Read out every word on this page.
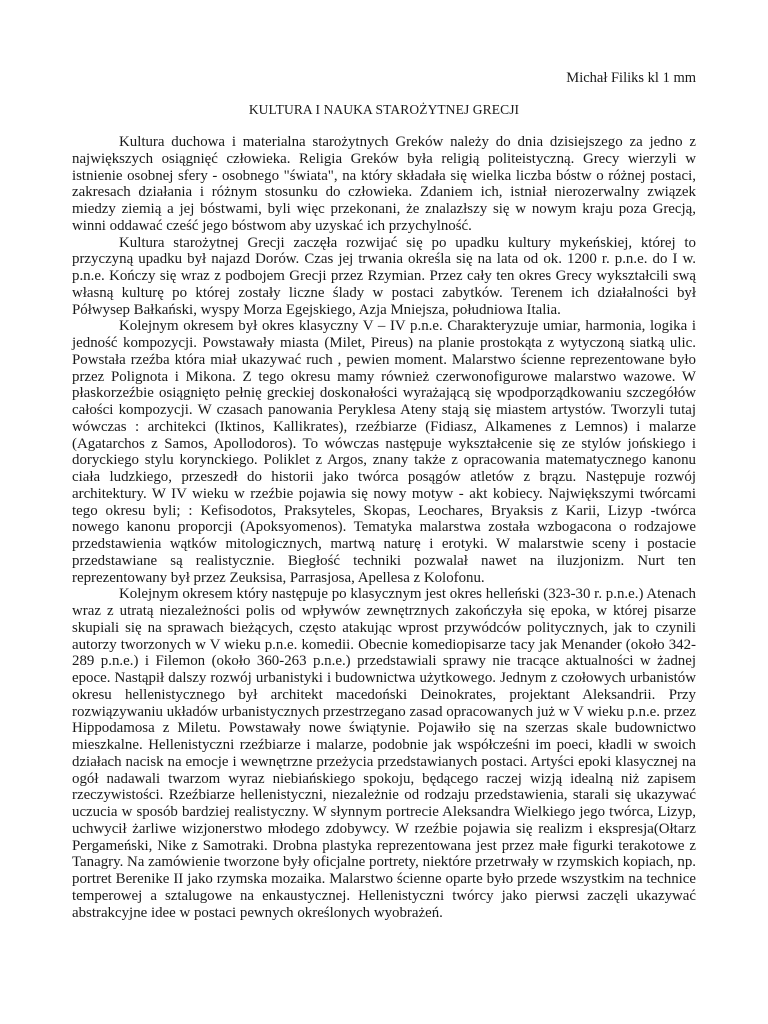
Michał Filiks kl 1 mm
KULTURA I NAUKA STAROŻYTNEJ GRECJI

Kultura duchowa i materialna starożytnych Greków należy do dnia dzisiejszego za jedno z największych osiągnięć człowieka. Religia Greków była religią politeistyczną. Grecy wierzyli w istnienie osobnej sfery - osobnego "świata", na który składała się wielka liczba bóstw o różnej postaci, zakresach działania i różnym stosunku do człowieka. Zdaniem ich, istniał nierozerwalny związek miedzy ziemią a jej bóstwami, byli więc przekonani, że znalazłszy się w nowym kraju poza Grecją, winni oddawać cześć jego bóstwom aby uzyskać ich przychylność.

Kultura starożytnej Grecji zaczęła rozwijać się po upadku kultury mykeńskiej, której to przyczyną upadku był najazd Dorów. Czas jej trwania określa się na lata od ok. 1200 r. p.n.e. do I w. p.n.e. Kończy się wraz z podbojem Grecji przez Rzymian. Przez cały ten okres Grecy wykształcili swą własną kulturę po której zostały liczne ślady w postaci zabytków. Terenem ich działalności był Półwysep Bałkański, wyspy Morza Egejskiego, Azja Mniejsza, południowa Italia.

Kolejnym okresem był okres klasyczny V – IV p.n.e. Charakteryzuje umiar, harmonia, logika i jedność kompozycji. Powstawały miasta (Milet, Pireus) na planie prostokąta z wytyczoną siatką ulic. Powstała rzeźba która miał ukazywać ruch , pewien moment. Malarstwo ścienne reprezentowane było przez Polignota i Mikona. Z tego okresu mamy również czerwonofigurowe malarstwo wazowe. W płaskorzeźbie osiągnięto pełnię greckiej doskonałości wyrażającą się wpodporządkowaniu szczegółów całości kompozycji. W czasach panowania Peryklesa Ateny stają się miastem artystów. Tworzyli tutaj wówczas : architekci (Iktinos, Kallikrates), rzeźbiarze (Fidiasz, Alkamenes z Lemnos) i malarze (Agatarchos z Samos, Apollodoros). To wówczas następuje wykształcenie się ze stylów jońskiego i doryckiego stylu korynckiego. Poliklet z Argos, znany także z opracowania matematycznego kanonu ciała ludzkiego, przeszedł do historii jako twórca posągów atletów z brązu. Następuje rozwój architektury. W IV wieku w rzeźbie pojawia się nowy motyw - akt kobiecy. Największymi twórcami tego okresu byli; : Kefisodotos, Praksyteles, Skopas, Leochares, Bryaksis z Karii, Lizyp -twórca nowego kanonu proporcji (Apoksyomenos). Tematyka malarstwa została wzbogacona o rodzajowe przedstawienia wątków mitologicznych, martwą naturę i erotyki. W malarstwie sceny i postacie przedstawiane są realistycznie. Biegłość techniki pozwalał nawet na iluzjonizm. Nurt ten reprezentowany był przez Zeuksisa, Parrasjosa, Apellesa z Kolofonu.

Kolejnym okresem który następuje po klasycznym jest okres helleński (323-30 r. p.n.e.) Atenach wraz z utratą niezależności polis od wpływów zewnętrznych zakończyła się epoka, w której pisarze skupiali się na sprawach bieżących, często atakując wprost przywódców politycznych, jak to czynili autorzy tworzonych w V wieku p.n.e. komedii. Obecnie komediopisarze tacy jak Menander (około 342-289 p.n.e.) i Filemon (około 360-263 p.n.e.) przedstawiali sprawy nie tracące aktualności w żadnej epoce. Nastąpił dalszy rozwój urbanistyki i budownictwa użytkowego. Jednym z czołowych urbanistów okresu hellenistycznego był architekt macedoński Deinokrates, projektant Aleksandrii. Przy rozwiązywaniu układów urbanistycznych przestrzegano zasad opracowanych już w V wieku p.n.e. przez Hippodamosa z Miletu. Powstawały nowe świątynie. Pojawiło się na szerzas skale budownictwo mieszkalne. Hellenistyczni rzeźbiarze i malarze, podobnie jak współcześni im poeci, kładli w swoich działach nacisk na emocje i wewnętrzne przeżycia przedstawianych postaci. Artyści epoki klasycznej na ogół nadawali twarzom wyraz niebiańskiego spokoju, będącego raczej wizją idealną niż zapisem rzeczywistości. Rzeźbiarze hellenistyczni, niezależnie od rodzaju przedstawienia, starali się ukazywać uczucia w sposób bardziej realistyczny. W słynnym portrecie Aleksandra Wielkiego jego twórca, Lizyp, uchwycił żarliwe wizjonerstwo młodego zdobywcy. W rzeźbie pojawia się realizm i ekspresja(Ołtarz Pergameński, Nike z Samotraki. Drobna plastyka reprezentowana jest przez małe figurki terakotowe z Tanagry. Na zamówienie tworzone były oficjalne portrety, niektóre przetrwały w rzymskich kopiach, np. portret Berenike II jako rzymska mozaika. Malarstwo ścienne oparte było przede wszystkim na technice temperowej a sztalugowe na enkaustycznej. Hellenistyczni twórcy jako pierwsi zaczęli ukazywać abstrakcyjne idee w postaci pewnych określonych wyobrażeń.
